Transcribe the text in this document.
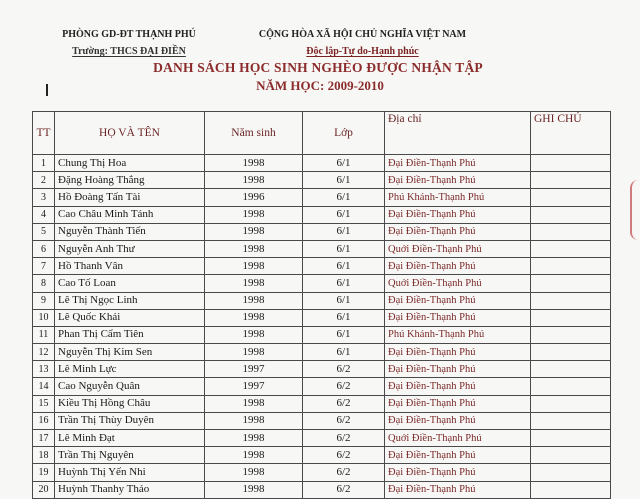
PHÒNG GD-ĐT THẠNH PHÚ
Trường: THCS ĐẠI ĐIỀN
CỘNG HÒA XÃ HỘI CHỦ NGHĨA VIỆT NAM
Độc lập-Tự do-Hạnh phúc
DANH SÁCH HỌC SINH NGHÈO ĐƯỢC NHẬN TẬP
NĂM HỌC: 2009-2010
TT	HỌ VÀ TÊN	Năm sinh	Lớp	Địa chỉ	GHI CHÚ
1	Chung Thị Hoa	1998	6/1	Đại Điền-Thạnh Phú	
2	Đặng Hoàng Thắng	1998	6/1	Đại Điền-Thạnh Phú	
3	Hồ Đoàng Tấn Tài	1996	6/1	Phú Khánh-Thạnh Phú	
4	Cao Châu Minh Tánh	1998	6/1	Đại Điền-Thạnh Phú	
5	Nguyễn Thành Tiến	1998	6/1	Đại Điền-Thạnh Phú	
6	Nguyễn Anh Thư	1998	6/1	Quới Điền-Thạnh Phú	
7	Hồ Thanh Vân	1998	6/1	Đại Điền-Thạnh Phú	
8	Cao Tố Loan	1998	6/1	Quới Điền-Thạnh Phú	
9	Lê Thị Ngọc Linh	1998	6/1	Đại Điền-Thạnh Phú	
10	Lê Quốc Khải	1998	6/1	Đại Điền-Thạnh Phú	
11	Phan Thị Cẩm Tiên	1998	6/1	Phú Khánh-Thạnh Phú	
12	Nguyễn Thị Kim Sen	1998	6/1	Đại Điền-Thạnh Phú	
13	Lê Minh Lực	1997	6/2	Đại Điền-Thạnh Phú	
14	Cao Nguyễn Quân	1997	6/2	Đại Điền-Thạnh Phú	
15	Kiều Thị Hồng Châu	1998	6/2	Đại Điền-Thạnh Phú	
16	Trần Thị Thùy Duyên	1998	6/2	Đại Điền-Thạnh Phú	
17	Lê Minh Đạt	1998	6/2	Quới Điền-Thạnh Phú	
18	Trần Thị Nguyên	1998	6/2	Đại Điền-Thạnh Phú	
19	Huỳnh Thị Yến Nhi	1998	6/2	Đại Điền-Thạnh Phú	
20	Huỳnh Thanhy Thảo	1998	6/2	Đại Điền-Thạnh Phú	
